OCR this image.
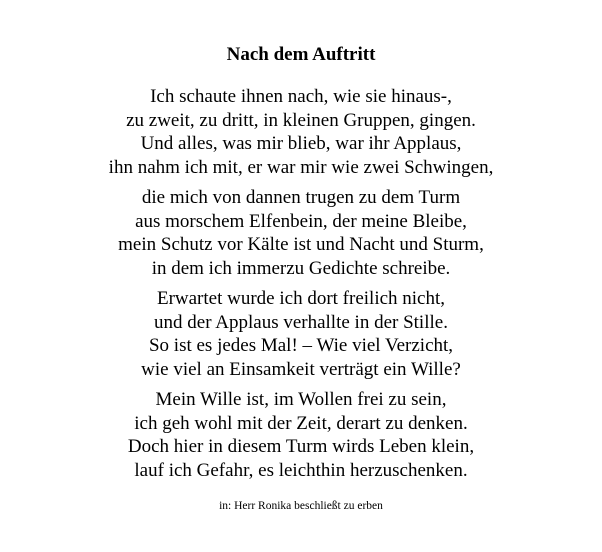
Nach dem Auftritt
Ich schaute ihnen nach, wie sie hinaus-,
zu zweit, zu dritt, in kleinen Gruppen, gingen.
Und alles, was mir blieb, war ihr Applaus,
ihn nahm ich mit, er war mir wie zwei Schwingen,
die mich von dannen trugen zu dem Turm
aus morschem Elfenbein, der meine Bleibe,
mein Schutz vor Kälte ist und Nacht und Sturm,
in dem ich immerzu Gedichte schreibe.
Erwartet wurde ich dort freilich nicht,
und der Applaus verhallte in der Stille.
So ist es jedes Mal! – Wie viel Verzicht,
wie viel an Einsamkeit verträgt ein Wille?
Mein Wille ist, im Wollen frei zu sein,
ich geh wohl mit der Zeit, derart zu denken.
Doch hier in diesem Turm wirds Leben klein,
lauf ich Gefahr, es leichthin herzuschenken.
in: Herr Ronika beschließt zu erben
